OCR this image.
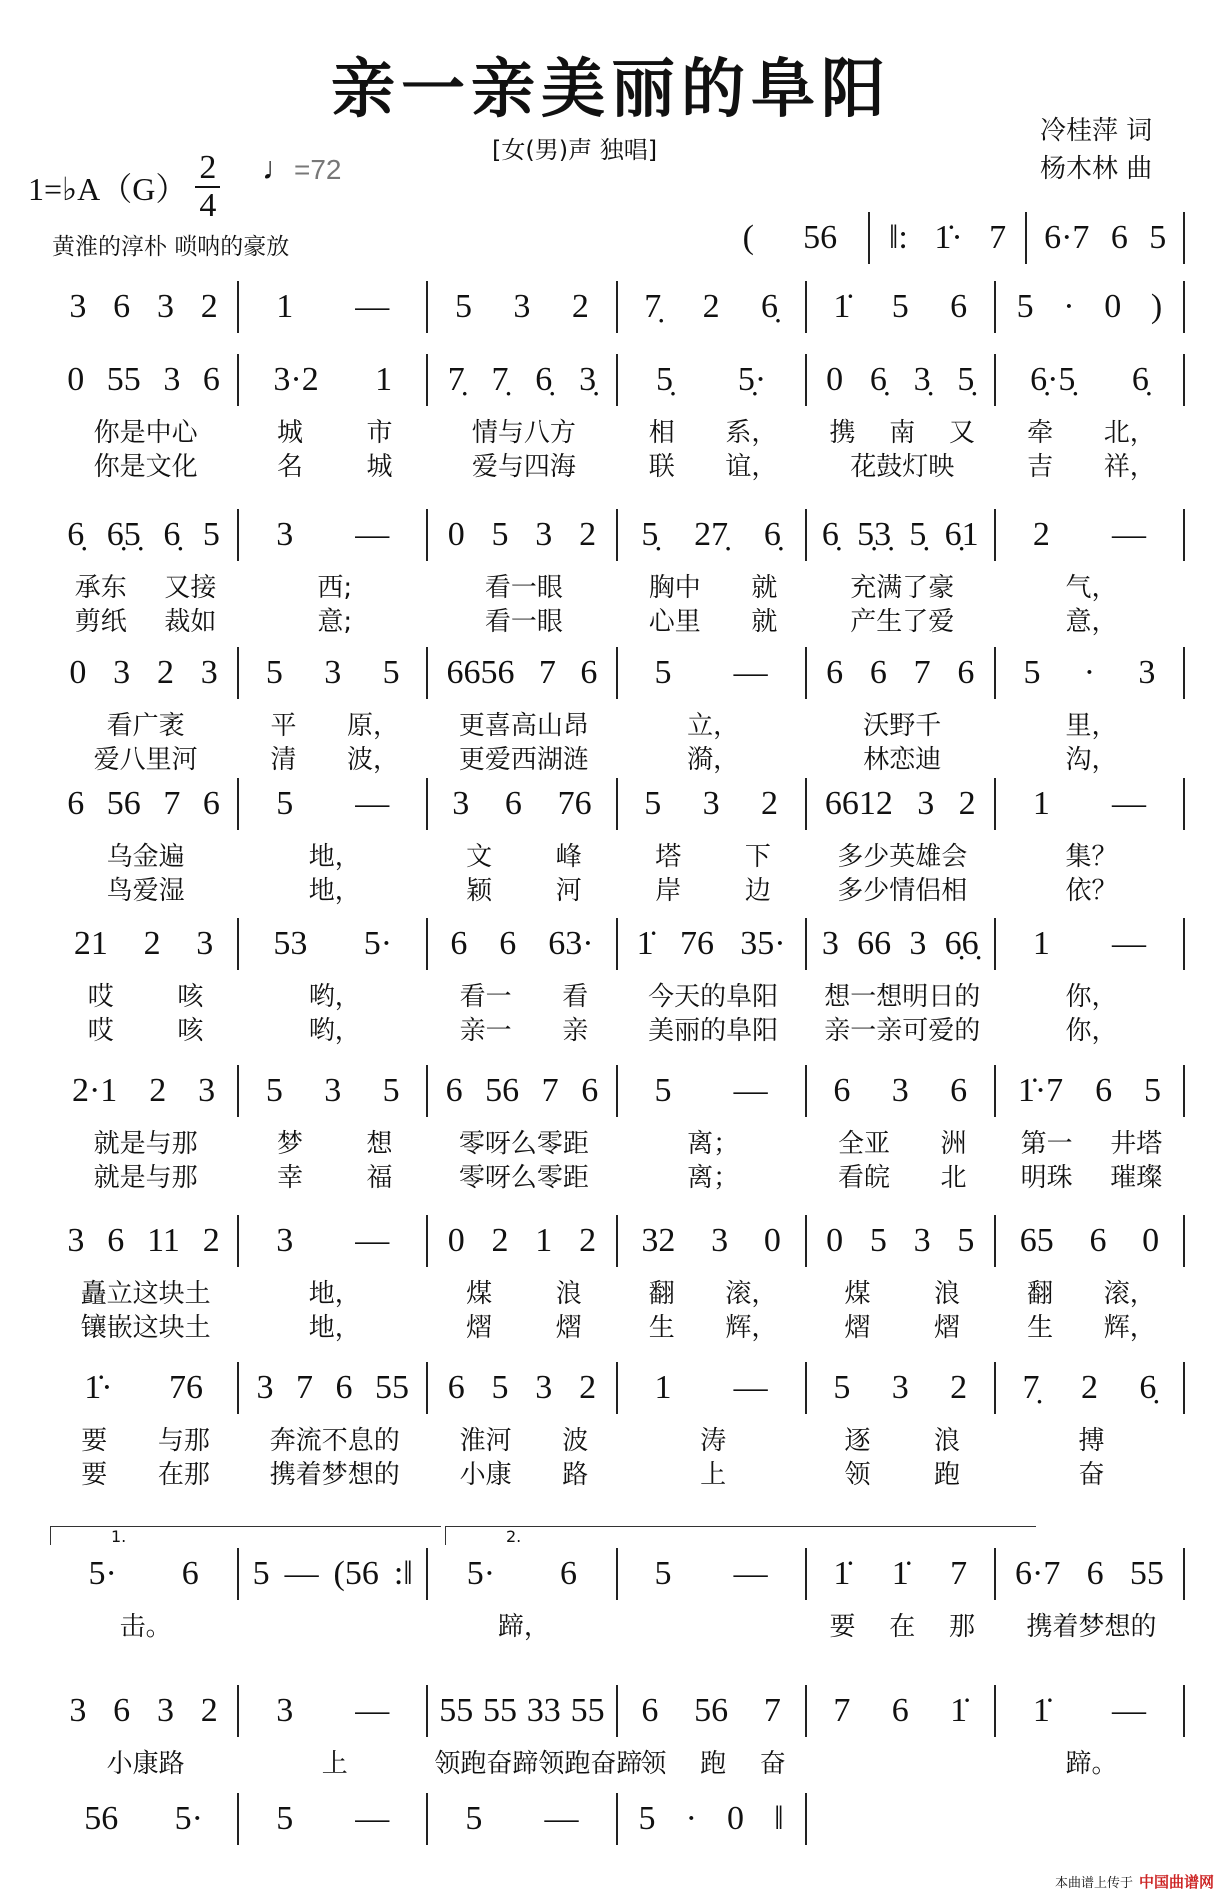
亲一亲美丽的阜阳
1=♭A（G） $\frac{2}{4}$ ♩=72
[女(男)声 独唱]
冷桂萍 词
杨木林 曲
黄淮的淳朴 唢呐的豪放	( 56 ‖: 1̇· 7 6·7 6 5
3 6 3 2 1 — 5 3 2 7̣ 2 6̣ 1̇ 5 6 5 · 0 )
0 55 3 6
你是中心
你是文化
3·2 1
城 市
名 城
7̣ 7̣ 6̣ 3̣
情与八方
爱与四海
5̣ 5̣·
相 系，
联 谊，
0 6̣ 3̣ 5̣
携 南 又
花鼓灯映
6̣·5̣ 6̣
牵 北，
吉 祥，
6̣ 6̣5̣ 6̣ 5
承东 又接
剪纸 裁如
3 —
西;
意;
0 5 3 2
看一眼
看一眼
5̣ 27̣ 6̣
胸中 就
心里 就
6̣ 5̣3̣ 5̣ 6̣1
充满了豪
产生了爱
2 —
气，
意，
0 3 2 3
看广袤
爱八里河
5 3 5
平 原，
清 波，
6656 7 6
更喜高山昂
更爱西湖涟
5 —
立，
漪，
6 6 7 6
沃野千
林恋迪
5 · 3
里，
沟，
6 56 7 6
乌金遍
鸟爱湿
5 —
地，
地，
3 6 76
文 峰
颖 河
5 3 2
塔 下
岸 边
6612 3 2
多少英雄会
多少情侣相
1 —
集？
依？
21 2 3
哎 咳
哎 咳
53 5·
哟，
哟，
6 6 63·
看一 看
亲一 亲
1̇ 76 35·
今天的阜阳
美丽的阜阳
3 66 3 6̣6̣
想一想明日的
亲一亲可爱的
1 —
你，
你，
2·1 2 3
就是与那
就是与那
5 3 5
梦 想
幸 福
6 56 7 6
零呀么零距
零呀么零距
5 —
离；
离；
6 3 6
全亚 洲
看皖 北
1̇·7 6 5
第一 井塔
明珠 璀璨
3 6 11 2
矗立这块土
镶嵌这块土
3 —
地，
地，
0 2 1 2
煤 浪
熠 熠
32 3 0
翻 滚，
生 辉，
0 5 3 5
煤 浪
熠 熠
65 6 0
翻 滚，
生 辉，
1̇· 76
要 与那
要 在那
3 7 6 55
奔流不息的
携着梦想的
6 5 3 2
淮河 波
小康 路
1 —
涛
上
5 3 2
逐 浪
领 跑
7̣ 2 6̣
搏
奋
1.	2.
5· 6
击。
5 — (56 :‖ 5· 6
蹄，
5 — 1̇ 1̇ 7
要 在 那
6·7 6 55
携着梦想的
3 6 3 2
小康路
3 —
上
55 55 33 55
领跑奋蹄领跑奋蹄
6 56 7
领 跑 奋
7 6 1̇ 1̇ —
蹄。
56 5· 5 — 5 — 5 · 0 ‖
本曲谱上传于 中国曲谱网
